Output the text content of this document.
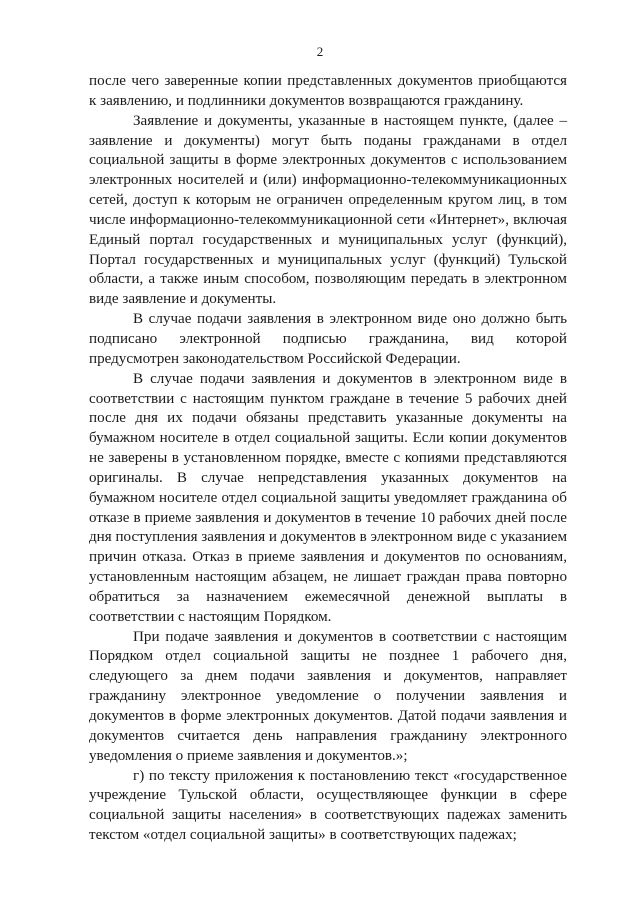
2

после чего заверенные копии представленных документов приобщаются к заявлению, и подлинники документов возвращаются гражданину.

Заявление и документы, указанные в настоящем пункте, (далее – заявление и документы) могут быть поданы гражданами в отдел социальной защиты в форме электронных документов с использованием электронных носителей и (или) информационно-телекоммуникационных сетей, доступ к которым не ограничен определенным кругом лиц, в том числе информационно-телекоммуникационной сети «Интернет», включая Единый портал государственных и муниципальных услуг (функций), Портал государственных и муниципальных услуг (функций) Тульской области, а также иным способом, позволяющим передать в электронном виде заявление и документы.

В случае подачи заявления в электронном виде оно должно быть подписано электронной подписью гражданина, вид которой предусмотрен законодательством Российской Федерации.

В случае подачи заявления и документов в электронном виде в соответствии с настоящим пунктом граждане в течение 5 рабочих дней после дня их подачи обязаны представить указанные документы на бумажном носителе в отдел социальной защиты. Если копии документов не заверены в установленном порядке, вместе с копиями представляются оригиналы. В случае непредставления указанных документов на бумажном носителе отдел социальной защиты уведомляет гражданина об отказе в приеме заявления и документов в течение 10 рабочих дней после дня поступления заявления и документов в электронном виде с указанием причин отказа. Отказ в приеме заявления и документов по основаниям, установленным настоящим абзацем, не лишает граждан права повторно обратиться за назначением ежемесячной денежной выплаты в соответствии с настоящим Порядком.

При подаче заявления и документов в соответствии с настоящим Порядком отдел социальной защиты не позднее 1 рабочего дня, следующего за днем подачи заявления и документов, направляет гражданину электронное уведомление о получении заявления и документов в форме электронных документов. Датой подачи заявления и документов считается день направления гражданину электронного уведомления о приеме заявления и документов.»;

г) по тексту приложения к постановлению текст «государственное учреждение Тульской области, осуществляющее функции в сфере социальной защиты населения» в соответствующих падежах заменить текстом «отдел социальной защиты» в соответствующих падежах;
